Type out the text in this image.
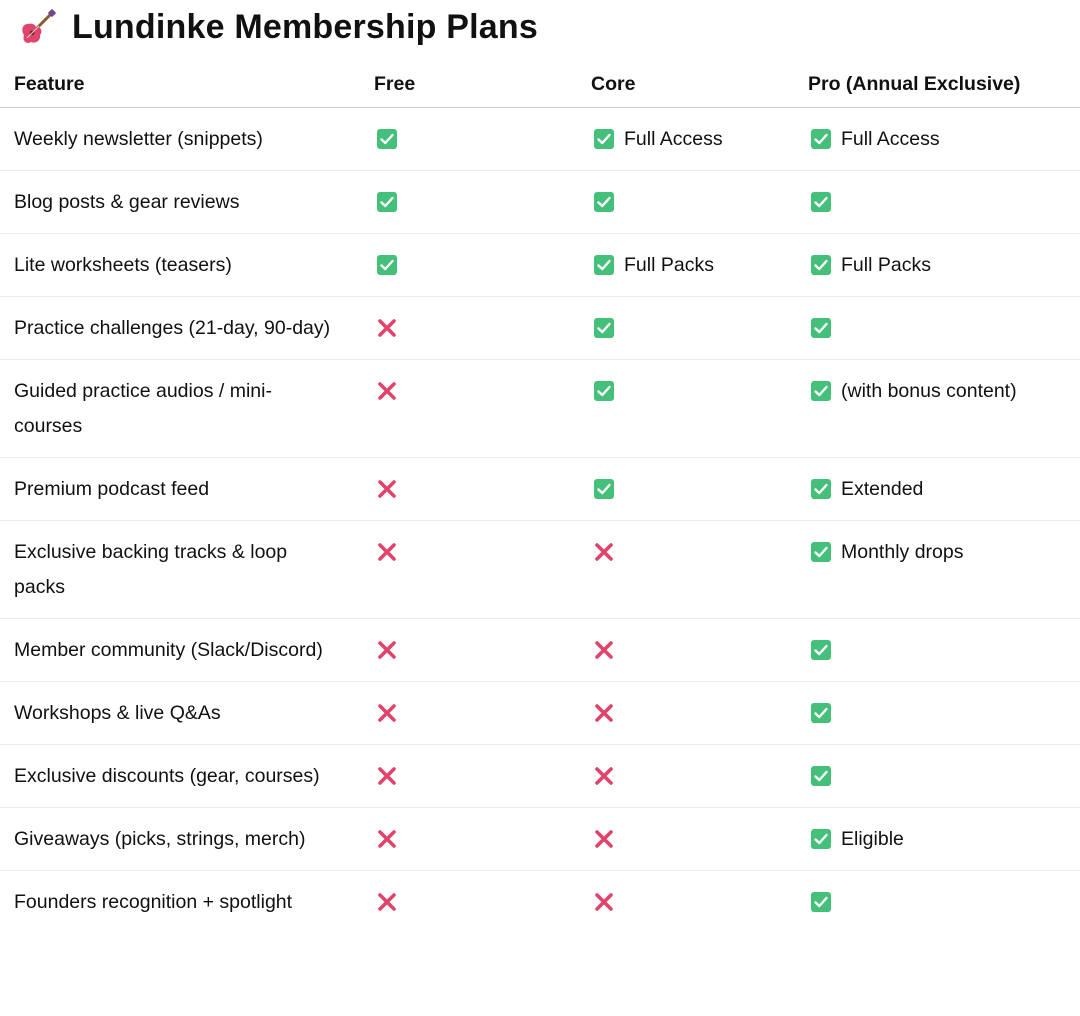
Lundinke Membership Plans
Feature	Free	Core	Pro (Annual Exclusive)
Weekly newsletter (snippets)		Full Access	Full Access

Blog posts & gear reviews	

Lite worksheets (teasers)		Full Packs	Full Packs

Practice challenges (21-day, 90-day)	

Guided practice audios / mini-courses			(with bonus content)

Premium podcast feed			Extended

Exclusive backing tracks & loop packs			Monthly drops

Member community (Slack/Discord)	

Workshops & live Q&As	

Exclusive discounts (gear, courses)	

Giveaways (picks, strings, merch)			Eligible

Founders recognition + spotlight	
